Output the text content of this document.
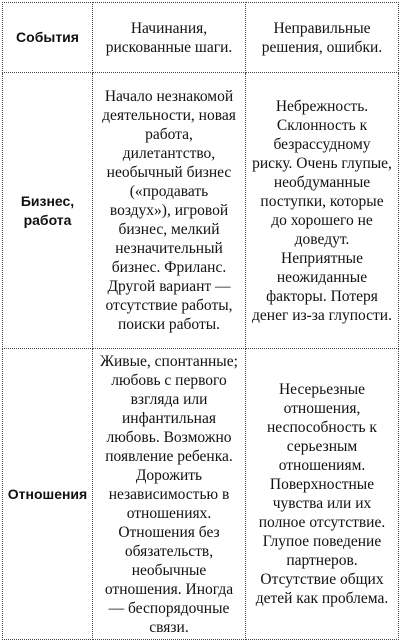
События	Начинания, рискованные шаги.	Неправильные решения, ошибки.
Бизнес, работа	Начало незнакомой деятельности, новая работа, дилетантство, необычный бизнес («продавать воздух»), игровой бизнес, мелкий незначительный бизнес. Фриланс. Другой вариант — отсутствие работы, поиски работы.	Небрежность. Склонность к безрассудному риску. Очень глупые, необдуманные поступки, которые до хорошего не доведут. Неприятные неожиданные факторы. Потеря денег из-за глупости.
Отношения	Живые, спонтанные; любовь с первого взгляда или инфантильная любовь. Возможно появление ребенка. Дорожить независимостью в отношениях. Отношения без обязательств, необычные отношения. Иногда — беспорядочные связи.	Несерьезные отношения, неспособность к серьезным отношениям. Поверхностные чувства или их полное отсутствие. Глупое поведение партнеров. Отсутствие общих детей как проблема.
